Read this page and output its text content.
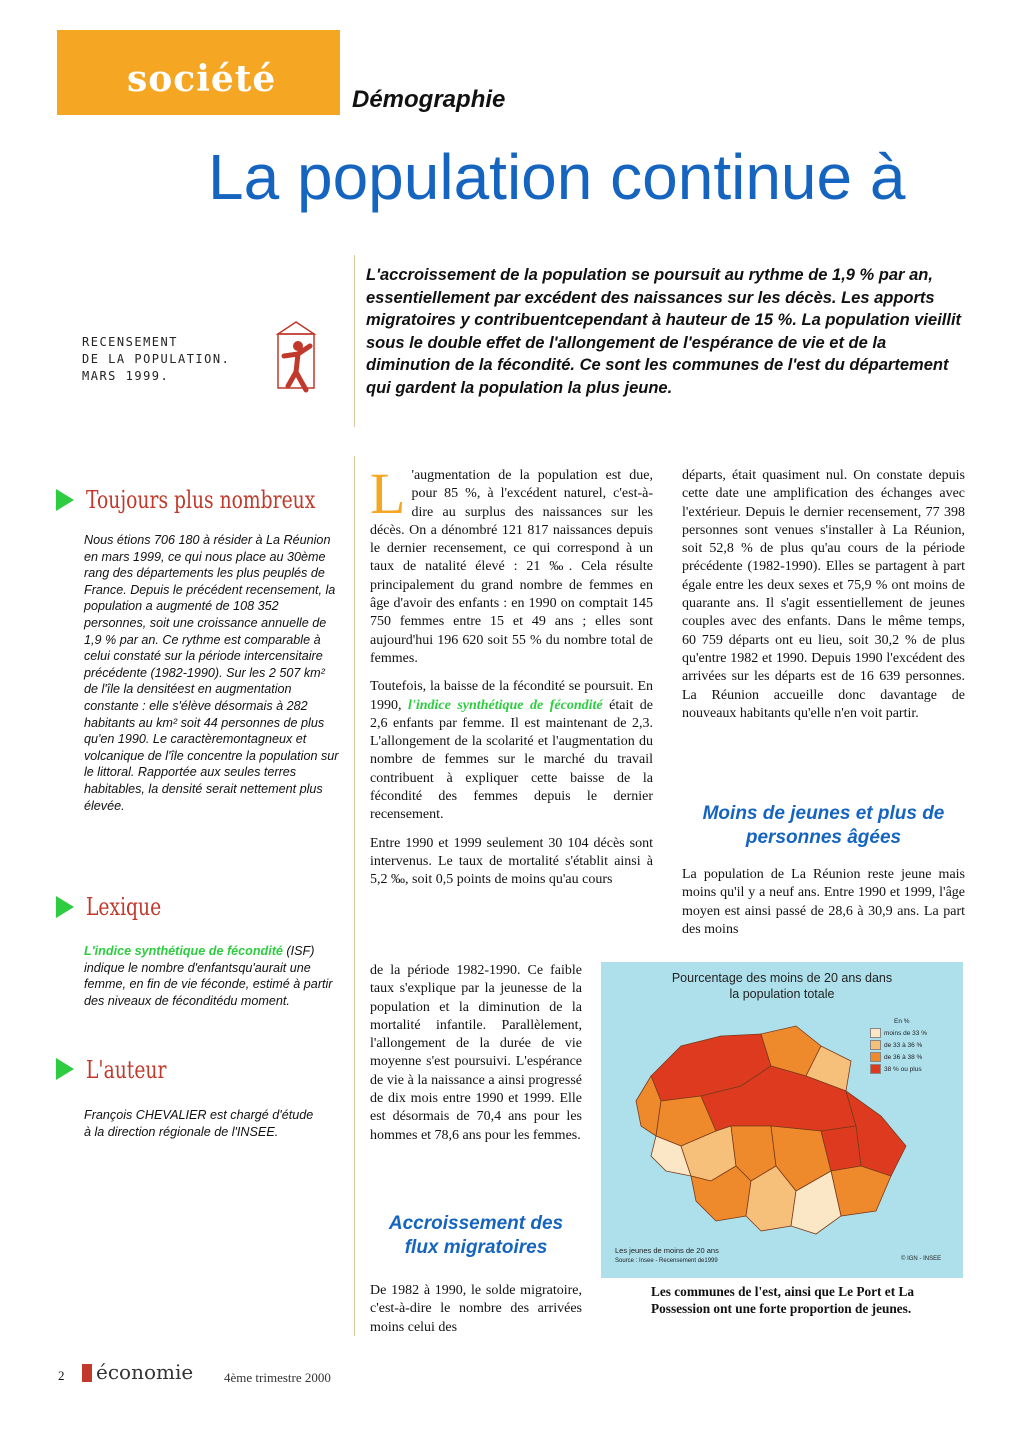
société	Démographie
La population continue à
L'accroissement de la population se poursuit au rythme de 1,9 % par an, essentiellement par excédent des naissances sur les décès. Les apports migratoires y contribuentcependant à hauteur de 15 %. La population vieillit sous le double effet de l'allongement de l'espérance de vie et de la diminution de la fécondité. Ce sont les communes de l'est du département qui gardent la population la plus jeune.
RECENSEMENT
DE LA POPULATION.
MARS 1999.
Toujours plus nombreux
Nous étions 706 180 à résider à La Réunion en mars 1999, ce qui nous place au 30ème rang des départements les plus peuplés de France. Depuis le précédent recensement, la population a augmenté de 108 352 personnes, soit une croissance annuelle de 1,9 % par an. Ce rythme est comparable à celui constaté sur la période intercensitaire précédente (1982-1990). Sur les 2 507 km² de l'île la densitéest en augmentation constante : elle s'élève désormais à 282 habitants au km² soit 44 personnes de plus qu'en 1990. Le caractèremontagneux et volcanique de l'île concentre la population sur le littoral. Rapportée aux seules terres habitables, la densité serait nettement plus élevée.
Lexique
L'indice synthétique de fécondité (ISF) indique le nombre d'enfantsqu'aurait une femme, en fin de vie féconde, estimé à partir des niveaux de féconditédu moment.
L'auteur
François CHEVALIER est chargé d'étude à la direction régionale de l'INSEE.

L 'augmentation de la population est due, pour 85 %, à l'excédent naturel, c'est-à-dire au surplus des naissances sur les décès. On a dénombré 121 817 naissances depuis le dernier recensement, ce qui correspond à un taux de natalité élevé : 21 ‰. Cela résulte principalement du grand nombre de femmes en âge d'avoir des enfants : en 1990 on comptait 145 750 femmes entre 15 et 49 ans ; elles sont aujourd'hui 196 620 soit 55 % du nombre total de femmes.

Toutefois, la baisse de la fécondité se poursuit. En 1990, l'indice synthétique de fécondité était de 2,6 enfants par femme. Il est maintenant de 2,3. L'allongement de la scolarité et l'augmentation du nombre de femmes sur le marché du travail contribuent à expliquer cette baisse de la fécondité des femmes depuis le dernier recensement.

Entre 1990 et 1999 seulement 30 104 décès sont intervenus. Le taux de mortalité s'établit ainsi à 5,2 ‰, soit 0,5 points de moins qu'au cours

de la période 1982-1990. Ce faible taux s'explique par la jeunesse de la population et la diminution de la mortalité infantile. Parallèlement, l'allongement de la durée de vie moyenne s'est poursuivi. L'espérance de vie à la naissance a ainsi progressé de dix mois entre 1990 et 1999. Elle est désormais de 70,4 ans pour les hommes et 78,6 ans pour les femmes.
Accroissement des flux migratoires
De 1982 à 1990, le solde migratoire, c'est-à-dire le nombre des arrivées moins celui des
départs, était quasiment nul. On constate depuis cette date une amplification des échanges avec l'extérieur. Depuis le dernier recensement, 77 398 personnes sont venues s'installer à La Réunion, soit 52,8 % de plus qu'au cours de la période précédente (1982-1990). Elles se partagent à part égale entre les deux sexes et 75,9 % ont moins de quarante ans. Il s'agit essentiellement de jeunes couples avec des enfants. Dans le même temps, 60 759 départs ont eu lieu, soit 30,2 % de plus qu'entre 1982 et 1990. Depuis 1990 l'excédent des arrivées sur les départs est de 16 639 personnes. La Réunion accueille donc davantage de nouveaux habitants qu'elle n'en voit partir.
Moins de jeunes et plus de personnes âgées
La population de La Réunion reste jeune mais moins qu'il y a neuf ans. Entre 1990 et 1999, l'âge moyen est ainsi passé de 28,6 à 30,9 ans. La part des moins
Pourcentage des moins de 20 ans dans
la population totale
Les jeunes de moins de 20 ans
Source : Insee - Recensement de1999	© IGN - INSEE
En %
moins de 33 %
de 33 à 36 %
de 36 à 38 %
38 % ou plus
Les communes de l'est, ainsi que Le Port et La Possession ont une forte proportion de jeunes.
2 économie 4ème trimestre 2000
